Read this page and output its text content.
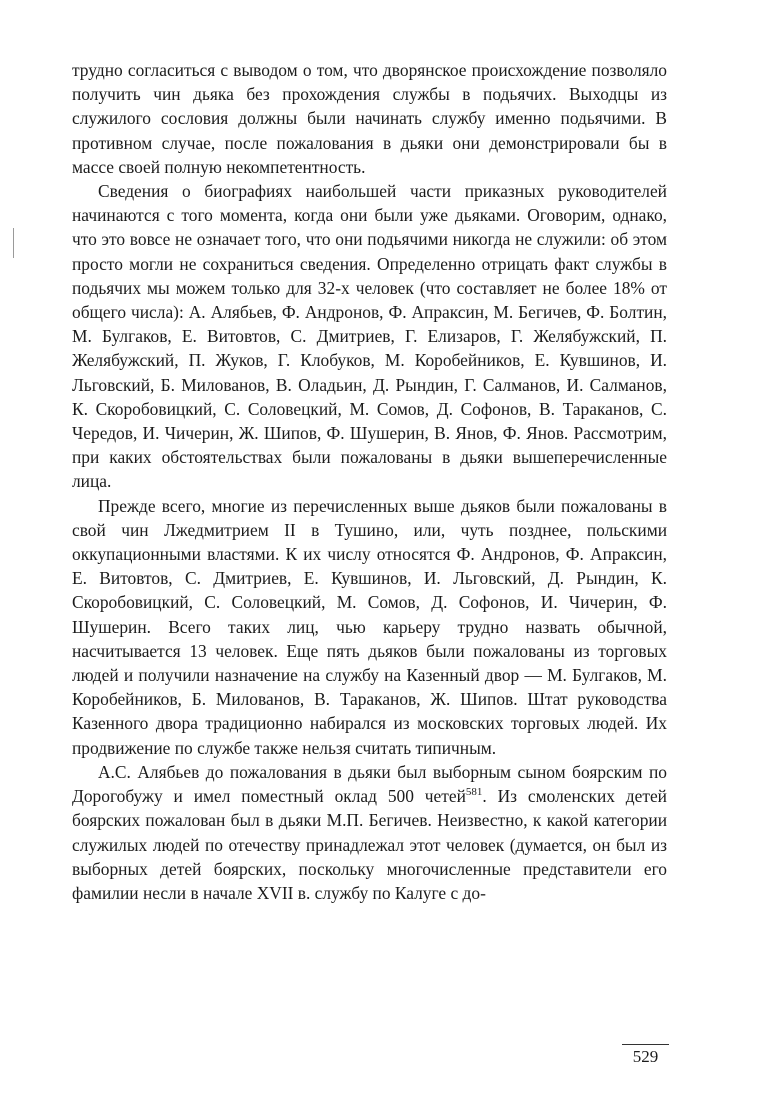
трудно согласиться с выводом о том, что дворянское происхождение позволяло получить чин дьяка без прохождения службы в подьячих. Выходцы из служилого сословия должны были начинать службу именно подьячими. В противном случае, после пожалования в дьяки они демонстрировали бы в массе своей полную некомпетентность.

Сведения о биографиях наибольшей части приказных руководителей начинаются с того момента, когда они были уже дьяками. Оговорим, однако, что это вовсе не означает того, что они подьячими никогда не служили: об этом просто могли не сохраниться сведения. Определенно отрицать факт службы в подьячих мы можем только для 32-х человек (что составляет не более 18% от общего числа): А. Алябьев, Ф. Андронов, Ф. Апраксин, М. Бегичев, Ф. Болтин, М. Булгаков, Е. Витовтов, С. Дмитриев, Г. Елизаров, Г. Желябужский, П. Желябужский, П. Жуков, Г. Клобуков, М. Коробейников, Е. Кувшинов, И. Льговский, Б. Милованов, В. Оладьин, Д. Рындин, Г. Салманов, И. Салманов, К. Скоробовицкий, С. Соловецкий, М. Сомов, Д. Софонов, В. Тараканов, С. Чередов, И. Чичерин, Ж. Шипов, Ф. Шушерин, В. Янов, Ф. Янов. Рассмотрим, при каких обстоятельствах были пожалованы в дьяки вышеперечисленные лица.

Прежде всего, многие из перечисленных выше дьяков были пожалованы в свой чин Лжедмитрием II в Тушино, или, чуть позднее, польскими оккупационными властями. К их числу относятся Ф. Андронов, Ф. Апраксин, Е. Витовтов, С. Дмитриев, Е. Кувшинов, И. Льговский, Д. Рындин, К. Скоробовицкий, С. Соловецкий, М. Сомов, Д. Софонов, И. Чичерин, Ф. Шушерин. Всего таких лиц, чью карьеру трудно назвать обычной, насчитывается 13 человек. Еще пять дьяков были пожалованы из торговых людей и получили назначение на службу на Казенный двор — М. Булгаков, М. Коробейников, Б. Милованов, В. Тараканов, Ж. Шипов. Штат руководства Казенного двора традиционно набирался из московских торговых людей. Их продвижение по службе также нельзя считать типичным.

А.С. Алябьев до пожалования в дьяки был выборным сыном боярским по Дорогобужу и имел поместный оклад 500 четей$^{581}$. Из смоленских детей боярских пожалован был в дьяки М.П. Бегичев. Неизвестно, к какой категории служилых людей по отечеству принадлежал этот человек (думается, он был из выборных детей боярских, поскольку многочисленные представители его фамилии несли в начале XVII в. службу по Калуге с до-

529
